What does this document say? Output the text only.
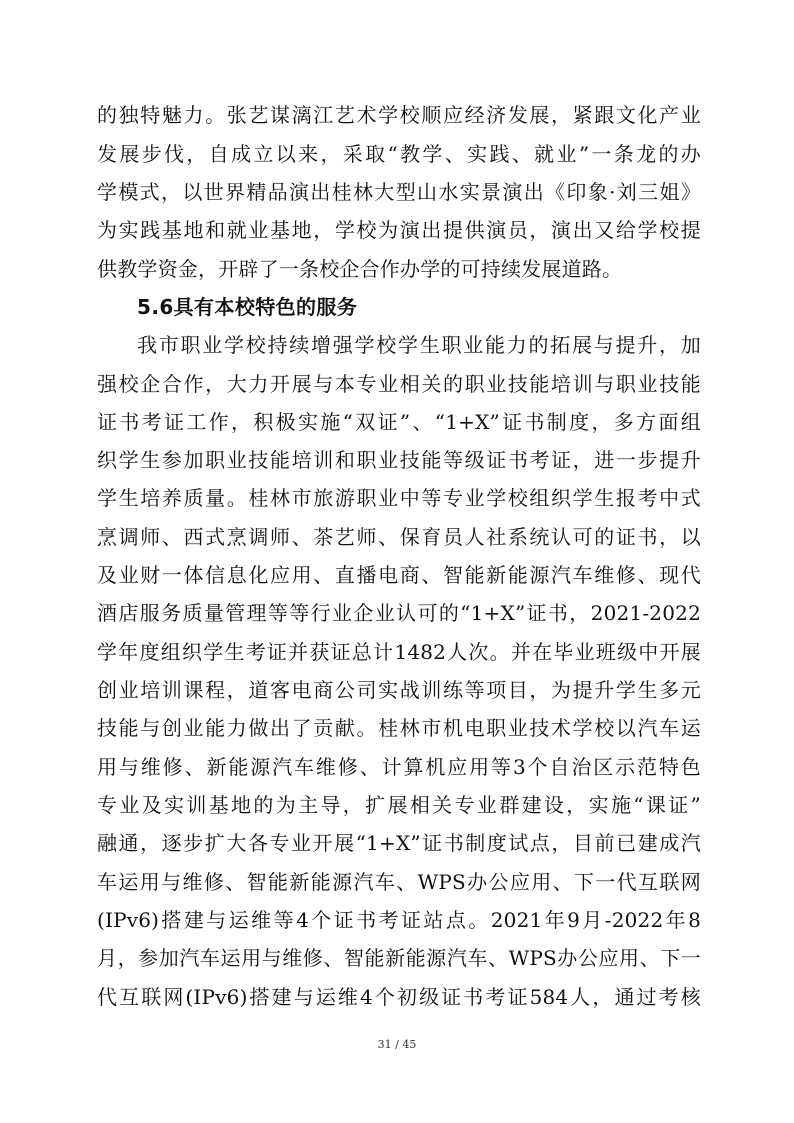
的独特魅力。张艺谋漓江艺术学校顺应经济发展，紧跟文化产业
发展步伐，自成立以来，采取“教学、实践、就业”一条龙的办
学模式，以世界精品演出桂林大型山水实景演出《印象·刘三姐》
为实践基地和就业基地，学校为演出提供演员，演出又给学校提
供教学资金，开辟了一条校企合作办学的可持续发展道路。
5.6具有本校特色的服务
我市职业学校持续增强学校学生职业能力的拓展与提升，加
强校企合作，大力开展与本专业相关的职业技能培训与职业技能
证书考证工作，积极实施“双证”、“1+X”证书制度，多方面组
织学生参加职业技能培训和职业技能等级证书考证，进一步提升
学生培养质量。桂林市旅游职业中等专业学校组织学生报考中式
烹调师、西式烹调师、茶艺师、保育员人社系统认可的证书，以
及业财一体信息化应用、直播电商、智能新能源汽车维修、现代
酒店服务质量管理等等行业企业认可的“1+X”证书，2021-2022
学年度组织学生考证并获证总计1482人次。并在毕业班级中开展
创业培训课程，道客电商公司实战训练等项目，为提升学生多元
技能与创业能力做出了贡献。桂林市机电职业技术学校以汽车运
用与维修、新能源汽车维修、计算机应用等3个自治区示范特色
专业及实训基地的为主导，扩展相关专业群建设，实施“课证”
融通，逐步扩大各专业开展“1+X”证书制度试点，目前已建成汽
车运用与维修、智能新能源汽车、WPS办公应用、下一代互联网
(IPv6)搭建与运维等4个证书考证站点。2021年9月-2022年8
月，参加汽车运用与维修、智能新能源汽车、WPS办公应用、下一
代互联网(IPv6)搭建与运维4个初级证书考证584人，通过考核
31 / 45
